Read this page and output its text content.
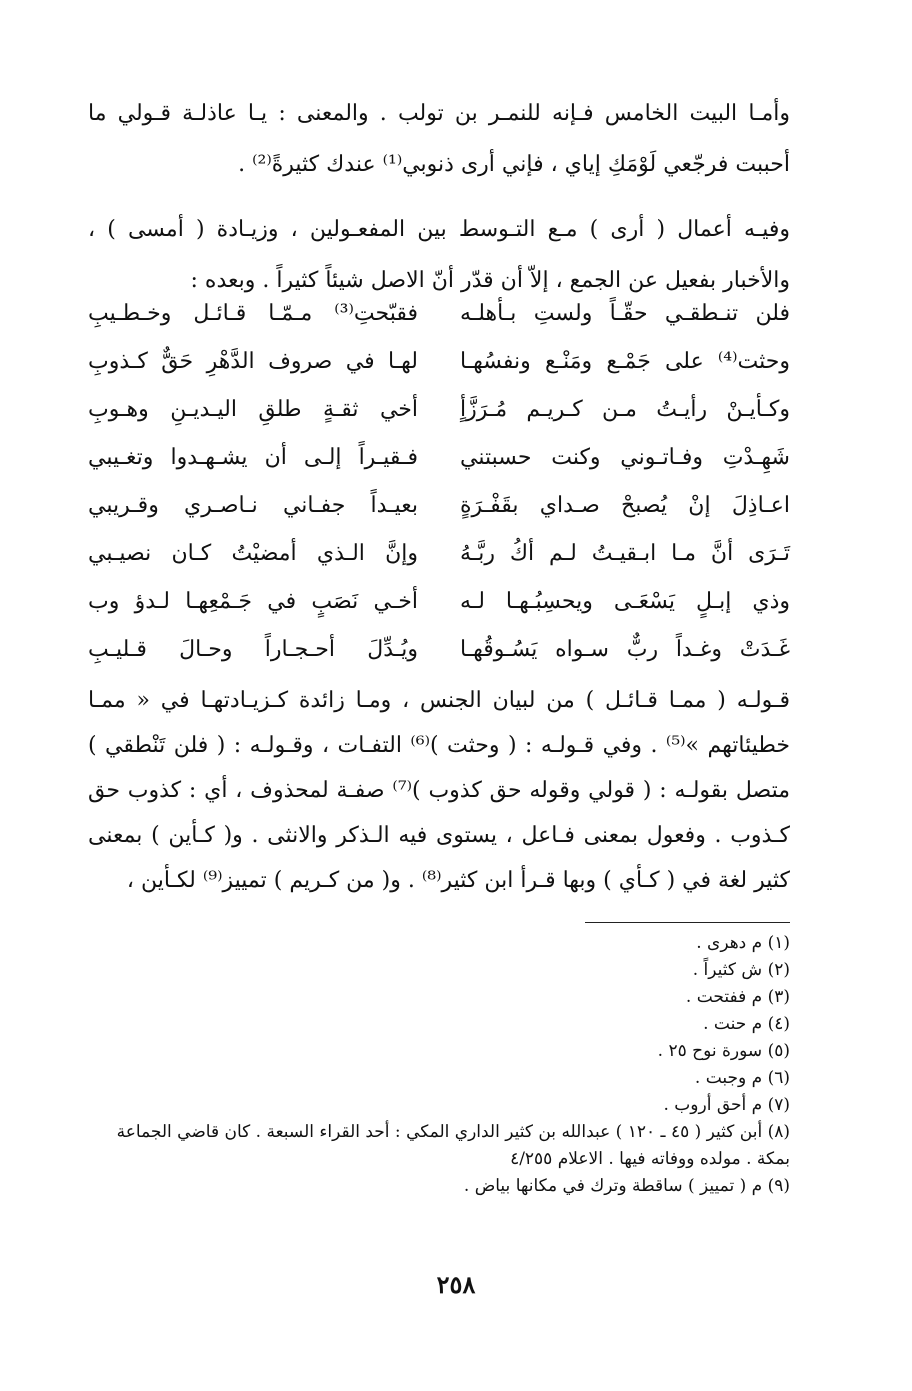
وأمـا البيت الخامس فـإنه للنمـر بن تولب . والمعنى : يـا عاذلـة قـولي ما أحببت فرجّعي لَوْمَكِ إياي ، فإني أرى ذنوبي⁽¹⁾ عندك كثيرةً⁽²⁾ .

وفيـه أعمال ( أرى ) مـع التـوسط بين المفعـولين ، وزيـادة ( أمسى ) ، والأخبار بفعيل عن الجمع ، إلاّ أن قدّر أنّ الاصل شيئاً كثيراً . وبعده :

فلن تنـطقـي حقّـاً ولستِ بـأهلـه
فقبّحتِ⁽³⁾ مـمّـا قـائـل وخـطـيبِ
وحثت⁽⁴⁾ على جَمْـع ومَنْـع ونفسُهـا
لهـا في صروف الدَّهْرِ حَقٌّ كـذوبِ
وكـأيـنْ رأيـتُ مـن كـريـم مُـرَزَّأٍ
أخي ثقـةٍ طلقِ اليـديـنِ وهـوبِ
شَهِـدْتِ وفـاتـوني وكنت حسبتني
فـقيـراً إلـى أن يشـهـدوا وتغـيبي
اعـاذِلَ إنْ يُصبحْ صـداي بقَفْـرَةٍ
بعيـداً جفـاني نـاصـري وقـريبي
تَـرَى أنَّ مـا ابـقيـتُ لـم أكُ ربَّـهُ
وإنَّ الـذي أمضيْتُ كـان نصيـبي
وذي إبـلٍ يَسْعَـى ويحسِبُـهـا لـه
أخـي نَصَبٍ في جَـمْعِهـا لـدؤ وب
غَـدَتْ وغـداً ربٌّ سـواه يَسُـوقُهـا
ويُـدِّلَ أحـجـاراً وحـالَ قـليـبِ

قـولـه ( ممـا قـائـل ) من لبيان الجنس ، ومـا زائدة كـزيـادتهـا في « ممـا خطيئاتهم »⁽⁵⁾ . وفي قـولـه : ( وحثت )⁽⁶⁾ التفـات ، وقـولـه : ( فلن تَنْطقي ) متصل بقولـه : ( قولي وقوله حق كذوب )⁽⁷⁾ صفـة لمحذوف ، أي : كذوب حق كـذوب . وفعول بمعنى فـاعل ، يستوى فيه الـذكر والانثى . و( كـأين ) بمعنى كثير لغة في ( كـأي ) وبها قـرأ ابن كثير⁽⁸⁾ . و( من كـريم ) تمييز⁽⁹⁾ لكـأين ،

(١) م دهرى .

(٢) ش كثيراً .

(٣) م ففتحت .

(٤) م حنت .

(٥) سورة نوح ٢٥ .

(٦) م وجبت .

(٧) م أحق أروب .

(٨) أبن كثير ( ٤٥ ـ ١٢٠ ) عبدالله بن كثير الداري المكي : أحد القراء السبعة . كان قاضي الجماعة بمكة . مولده ووفاته فيها . الاعلام ٤/٢٥٥

(٩) م ( تمييز ) ساقطة وترك في مكانها بياض .

٢٥٨
